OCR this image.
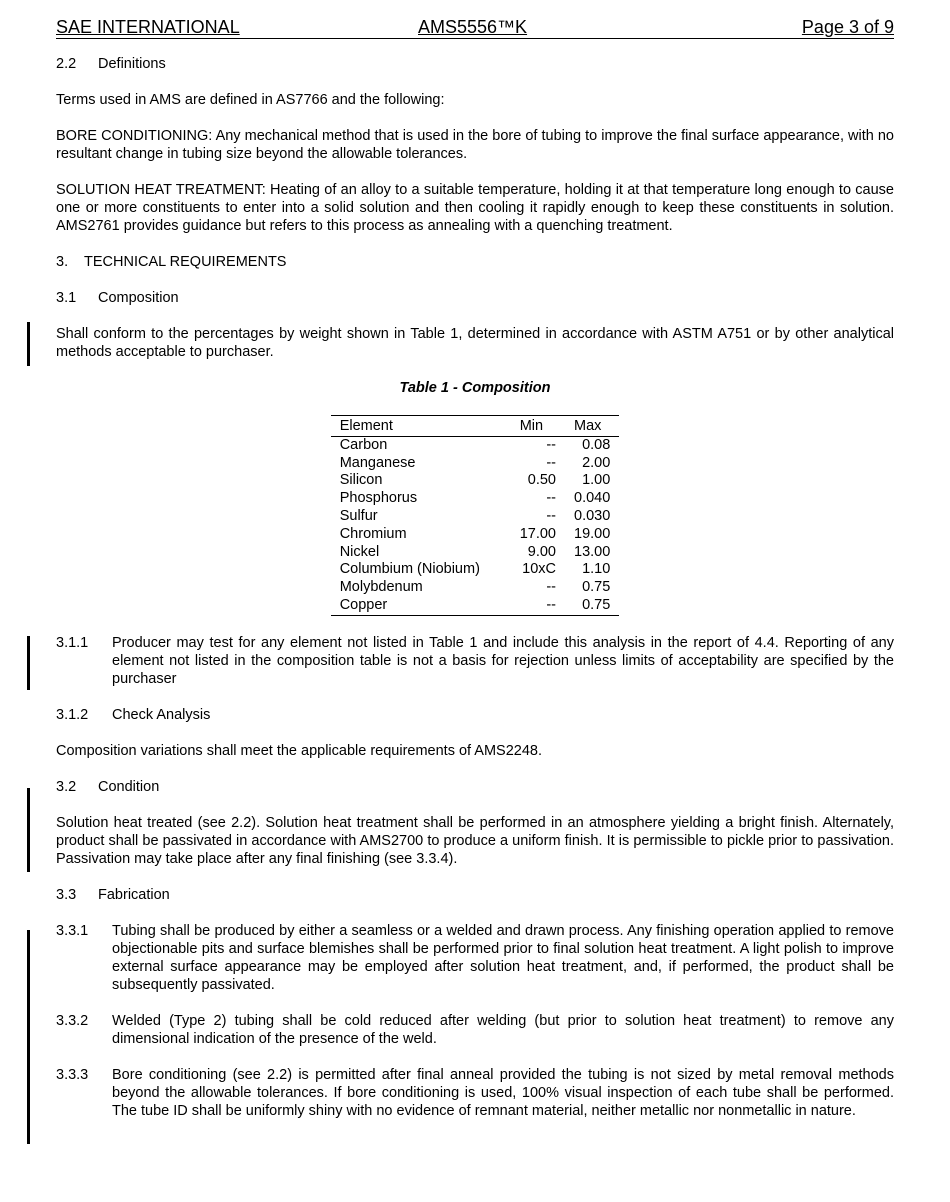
SAE INTERNATIONAL	AMS5556™K	Page 3 of 9
2.2	Definitions

Terms used in AMS are defined in AS7766 and the following:

BORE CONDITIONING: Any mechanical method that is used in the bore of tubing to improve the final surface appearance, with no resultant change in tubing size beyond the allowable tolerances.

SOLUTION HEAT TREATMENT: Heating of an alloy to a suitable temperature, holding it at that temperature long enough to cause one or more constituents to enter into a solid solution and then cooling it rapidly enough to keep these constituents in solution. AMS2761 provides guidance but refers to this process as annealing with a quenching treatment.

3.	TECHNICAL REQUIREMENTS
3.1	Composition

Shall conform to the percentages by weight shown in Table 1, determined in accordance with ASTM A751 or by other analytical methods acceptable to purchaser.

Table 1 - Composition

Element	Min	Max
Carbon	--	0.08
Manganese	--	2.00
Silicon	0.50	1.00
Phosphorus	--	0.040
Sulfur	--	0.030
Chromium	17.00	19.00
Nickel	9.00	13.00
Columbium (Niobium)	10xC	1.10
Molybdenum	--	0.75
Copper	--	0.75
3.1.1	Producer may test for any element not listed in Table 1 and include this analysis in the report of 4.4. Reporting of any element not listed in the composition table is not a basis for rejection unless limits of acceptability are specified by the purchaser
3.1.2	Check Analysis

Composition variations shall meet the applicable requirements of AMS2248.

3.2	Condition

Solution heat treated (see 2.2). Solution heat treatment shall be performed in an atmosphere yielding a bright finish. Alternately, product shall be passivated in accordance with AMS2700 to produce a uniform finish. It is permissible to pickle prior to passivation. Passivation may take place after any final finishing (see 3.3.4).

3.3	Fabrication
3.3.1	Tubing shall be produced by either a seamless or a welded and drawn process. Any finishing operation applied to remove objectionable pits and surface blemishes shall be performed prior to final solution heat treatment. A light polish to improve external surface appearance may be employed after solution heat treatment, and, if performed, the product shall be subsequently passivated.
3.3.2	Welded (Type 2) tubing shall be cold reduced after welding (but prior to solution heat treatment) to remove any dimensional indication of the presence of the weld.
3.3.3	Bore conditioning (see 2.2) is permitted after final anneal provided the tubing is not sized by metal removal methods beyond the allowable tolerances. If bore conditioning is used, 100% visual inspection of each tube shall be performed. The tube ID shall be uniformly shiny with no evidence of remnant material, neither metallic nor nonmetallic in nature.
